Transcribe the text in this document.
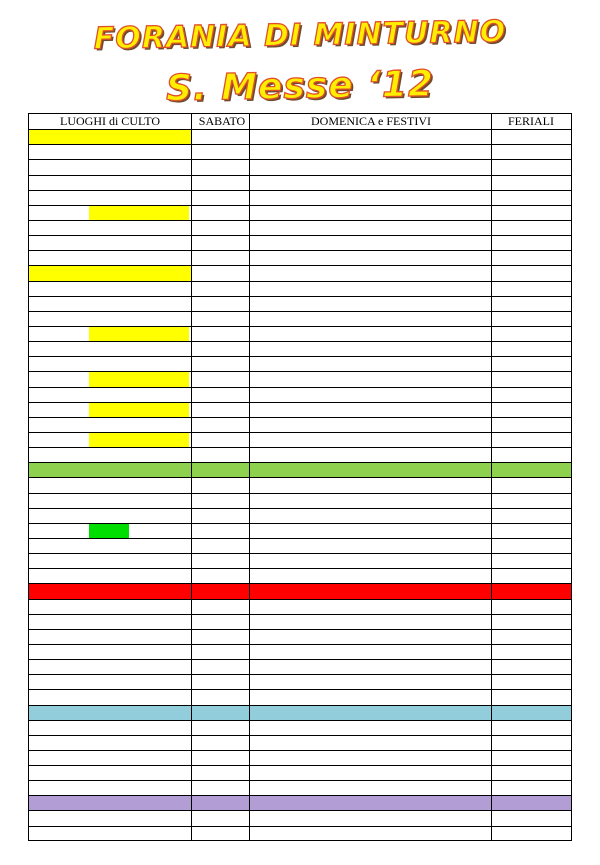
FORANIA DI MINTURNO
S. Messe ‘12
LUOGHI di CULTO	SABATO	DOMENICA e FESTIVI	FERIALI
